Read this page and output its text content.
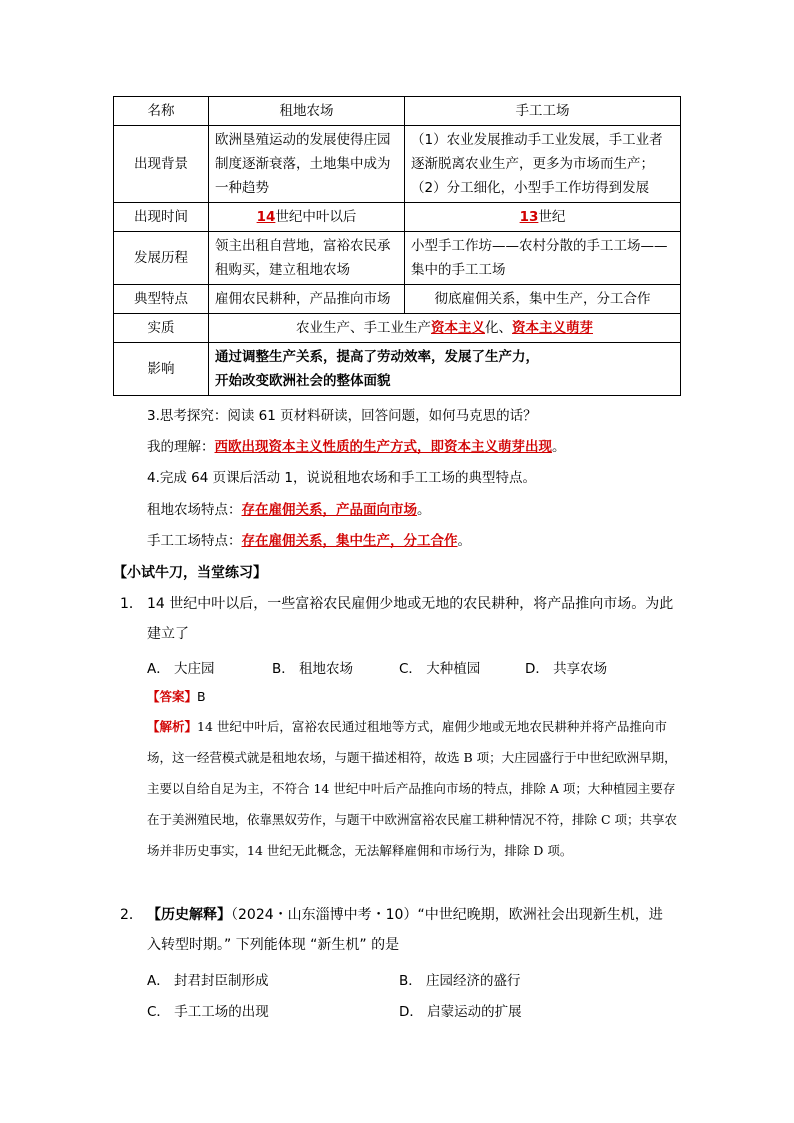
名称	租地农场	手工工场
出现背景	欧洲垦殖运动的发展使得庄园制度逐渐衰落，土地集中成为一种趋势	（1）农业发展推动手工业发展，手工业者逐渐脱离农业生产，更多为市场而生产；
（2）分工细化，小型手工作坊得到发展

出现时间	14世纪中叶以后	13世纪
发展历程	领主出租自营地，富裕农民承租购买，建立租地农场	小型手工作坊——农村分散的手工工场——集中的手工工场
典型特点	雇佣农民耕种，产品推向市场	彻底雇佣关系，集中生产，分工合作
实质	农业生产、手工业生产资本主义化、资本主义萌芽	
影响	通过调整生产关系，提高了劳动效率，发展了生产力，
开始改变欧洲社会的整体面貌	
3.思考探究：阅读 61 页材料研读，回答问题，如何马克思的话？
我的理解：西欧出现资本主义性质的生产方式，即资本主义萌芽出现。
4.完成 64 页课后活动 1，说说租地农场和手工工场的典型特点。
租地农场特点：存在雇佣关系，产品面向市场。
手工工场特点：存在雇佣关系，集中生产，分工合作。
【小试牛刀，当堂练习】
1． 14 世纪中叶以后，一些富裕农民雇佣少地或无地的农民耕种，将产品推向市场。为此
建立了
A． 大庄园	B． 租地农场	C． 大种植园	D． 共享农场
【答案】B
【解析】14 世纪中叶后，富裕农民通过租地等方式，雇佣少地或无地农民耕种并将产品推向市场，这一经营模式就是租地农场，与题干描述相符，故选 B 项；大庄园盛行于中世纪欧洲早期，主要以自给自足为主，不符合 14 世纪中叶后产品推向市场的特点，排除 A 项；大种植园主要存在于美洲殖民地，依靠黑奴劳作，与题干中欧洲富裕农民雇工耕种情况不符，排除 C 项；共享农场并非历史事实，14 世纪无此概念，无法解释雇佣和市场行为，排除 D 项。
2． 【历史解释】（2024・山东淄博中考・10）“中世纪晚期，欧洲社会出现新生机，进
入转型时期。” 下列能体现 “新生机” 的是
A． 封君封臣制形成	B． 庄园经济的盛行
C． 手工工场的出现	D． 启蒙运动的扩展
